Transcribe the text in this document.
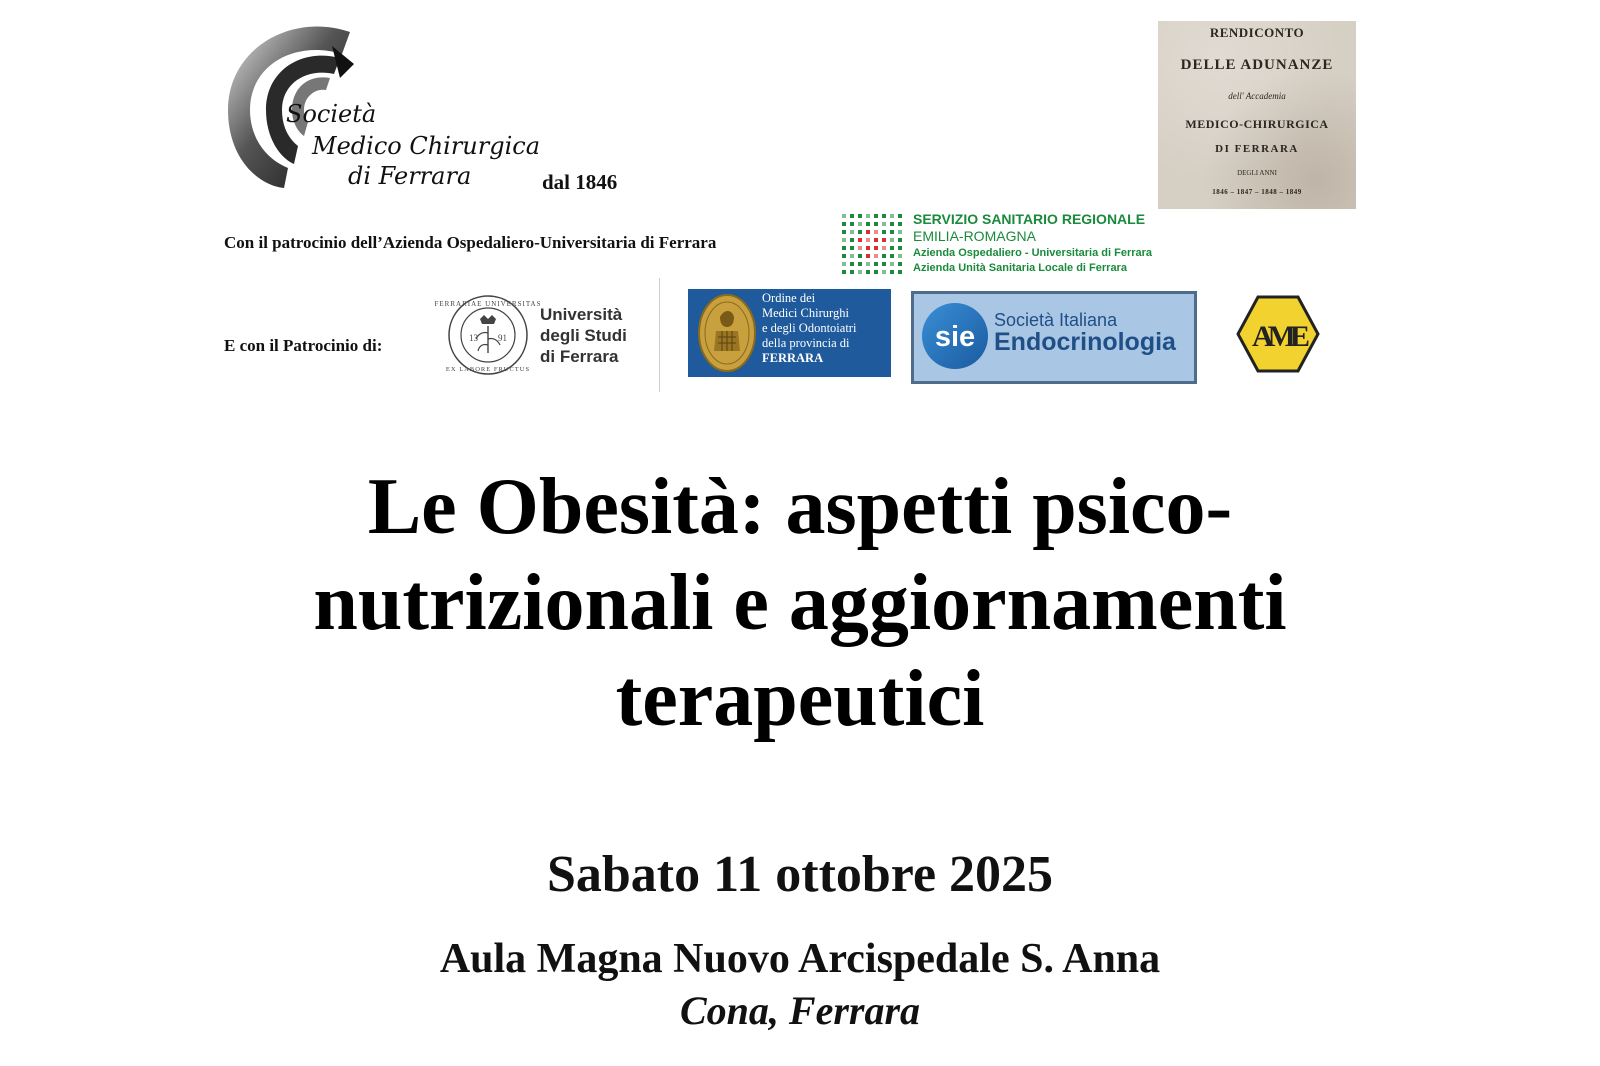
Società
Medico Chirurgica
di Ferrara	dal 1846
RENDICONTO
DELLE ADUNANZE
dell' Accademia
MEDICO-CHIRURGICA
DI FERRARA
DEGLI ANNI
1846 – 1847 – 1848 – 1849
Con il patrocinio dell’Azienda Ospedaliero-Universitaria di Ferrara
SERVIZIO SANITARIO REGIONALE
EMILIA-ROMAGNA
Azienda Ospedaliero - Universitaria di Ferrara
Azienda Unità Sanitaria Locale di Ferrara
E con il Patrocinio di:
FERRARIAE UNIVERSITAS
EX LABORE FRUCTUS
13 91
Università
degli Studi
di Ferrara
Ordine dei
Medici Chirurghi
e degli Odontoiatri
della provincia di
FERRARA
sie
Società Italiana
Endocrinologia	AME
Le Obesità: aspetti psico-
nutrizionali e aggiornamenti
terapeutici
Sabato 11 ottobre 2025
Aula Magna Nuovo Arcispedale S. Anna
Cona, Ferrara
